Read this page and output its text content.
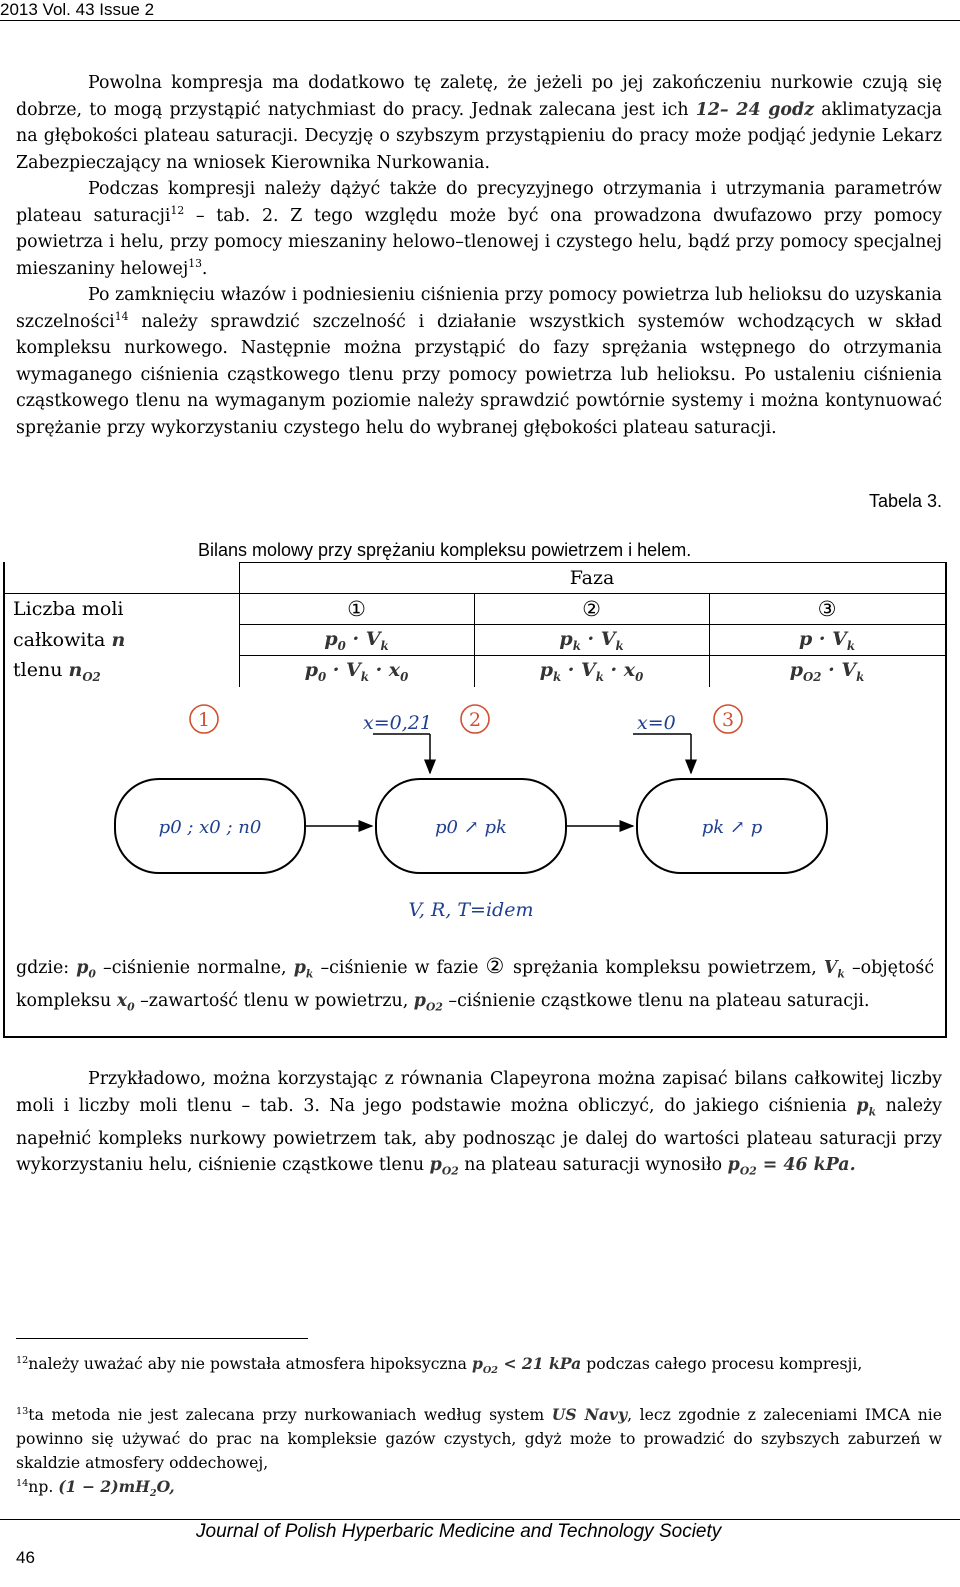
2013 Vol. 43 Issue 2

Powolna kompresja ma dodatkowo tę zaletę, że jeżeli po jej zakończeniu nurkowie czują się dobrze, to mogą przystąpić natychmiast do pracy. Jednak zalecana jest ich 12– 24 godz aklimatyzacja na głębokości plateau saturacji. Decyzję o szybszym przystąpieniu do pracy może podjąć jedynie Lekarz Zabezpieczający na wniosek Kierownika Nurkowania.

Podczas kompresji należy dążyć także do precyzyjnego otrzymania i utrzymania parametrów plateau saturacji$^{12}$ – tab. 2. Z tego względu może być ona prowadzona dwufazowo przy pomocy powietrza i helu, przy pomocy mieszaniny helowo–tlenowej i czystego helu, bądź przy pomocy specjalnej mieszaniny helowej$^{13}$.

Po zamknięciu włazów i podniesieniu ciśnienia przy pomocy powietrza lub helioksu do uzyskania szczelności$^{14}$ należy sprawdzić szczelność i działanie wszystkich systemów wchodzących w skład kompleksu nurkowego. Następnie można przystąpić do fazy sprężania wstępnego do otrzymania wymaganego ciśnienia cząstkowego tlenu przy pomocy powietrza lub helioksu. Po ustaleniu ciśnienia cząstkowego tlenu na wymaganym poziomie należy sprawdzić powtórnie systemy i można kontynuować sprężanie przy wykorzystaniu czystego helu do wybranej głębokości plateau saturacji.

Tabela 3.
Bilans molowy przy sprężaniu kompleksu powietrzem i helem.
	Faza		
Liczba moli	①	②	③
całkowita n	$p_0 \cdot V_k$	$p_k \cdot V_k$	$p \cdot V_k$
tlenu $n_{O2}$	$p_0 \cdot V_k \cdot x_0$	$p_k \cdot V_k \cdot x_0$	$p_{O2} \cdot V_k$
1	2	3
x=0,21	x=0
p0 ; x0 ; n0	p0 ↗ pk	pk ↗ p
V, R, T=idem

gdzie: $p_0$ –ciśnienie normalne, $p_k$ –ciśnienie w fazie ② sprężania kompleksu powietrzem, $V_k$ –objętość kompleksu $x_0$ –zawartość tlenu w powietrzu, $p_{O2}$ –ciśnienie cząstkowe tlenu na plateau saturacji.

Przykładowo, można korzystając z równania Clapeyrona można zapisać bilans całkowitej liczby moli i liczby moli tlenu – tab. 3. Na jego podstawie można obliczyć, do jakiego ciśnienia $p_k$ należy napełnić kompleks nurkowy powietrzem tak, aby podnosząc je dalej do wartości plateau saturacji przy wykorzystaniu helu, ciśnienie cząstkowe tlenu $p_{O2}$ na plateau saturacji wynosiło $p_{O2} = 46$ kPa.

$^{12}$należy uważać aby nie powstała atmosfera hipoksyczna $p_{O2} < 21$ kPa podczas całego procesu kompresji,

$^{13}$ta metoda nie jest zalecana przy nurkowaniach według system US Navy, lecz zgodnie z zaleceniami IMCA nie powinno się używać do prac na kompleksie gazów czystych, gdyż może to prowadzić do szybszych zaburzeń w skaldzie atmosfery oddechowej,

$^{14}$np. $(1 - 2)mH_2O$,

Journal of Polish Hyperbaric Medicine and Technology Society
46
